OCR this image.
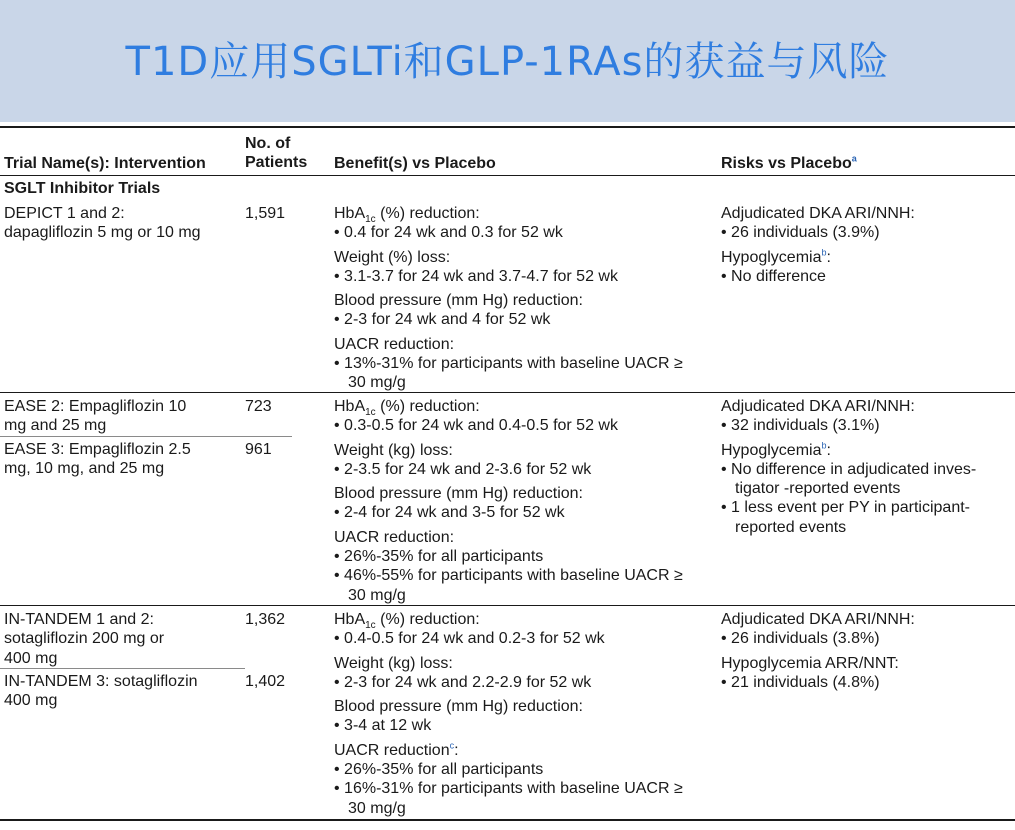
T1D应用SGLTi和GLP-1RAs的获益与风险
Trial Name(s): Intervention
No. of
Patients Benefit(s) vs Placebo	Risks vs Placebo$^a$
SGLT Inhibitor Trials
DEPICT 1 and 2:
dapagliflozin 5 mg or 10 mg
1,591	HbA$_{1c}$ (%) reduction:
• 0.4 for 24 wk and 0.3 for 52 wk
Weight (%) loss:
• 3.1-3.7 for 24 wk and 3.7-4.7 for 52 wk
Blood pressure (mm Hg) reduction:
• 2-3 for 24 wk and 4 for 52 wk
UACR reduction:
• 13%-31% for participants with baseline UACR ≥ 30 mg/g
Adjudicated DKA ARI/NNH:
• 26 individuals (3.9%)
Hypoglycemia$^b$:
• No difference
EASE 2: Empagliflozin 10
mg and 25 mg
723
EASE 3: Empagliflozin 2.5
mg, 10 mg, and 25 mg
961
HbA$_{1c}$ (%) reduction:
• 0.3-0.5 for 24 wk and 0.4-0.5 for 52 wk
Weight (kg) loss:
• 2-3.5 for 24 wk and 2-3.6 for 52 wk
Blood pressure (mm Hg) reduction:
• 2-4 for 24 wk and 3-5 for 52 wk
UACR reduction:
• 26%-35% for all participants
• 46%-55% for participants with baseline UACR ≥ 30 mg/g
Adjudicated DKA ARI/NNH:
• 32 individuals (3.1%)
Hypoglycemia$^b$:
• No difference in adjudicated inves- tigator -reported events
• 1 less event per PY in participant- reported events
IN-TANDEM 1 and 2:
sotagliflozin 200 mg or
400 mg
1,362
IN-TANDEM 3: sotagliflozin
400 mg
1,402
HbA$_{1c}$ (%) reduction:
• 0.4-0.5 for 24 wk and 0.2-3 for 52 wk
Weight (kg) loss:
• 2-3 for 24 wk and 2.2-2.9 for 52 wk
Blood pressure (mm Hg) reduction:
• 3-4 at 12 wk
UACR reduction$^c$:
• 26%-35% for all participants
• 16%-31% for participants with baseline UACR ≥ 30 mg/g
Adjudicated DKA ARI/NNH:
• 26 individuals (3.8%)
Hypoglycemia ARR/NNT:
• 21 individuals (4.8%)
